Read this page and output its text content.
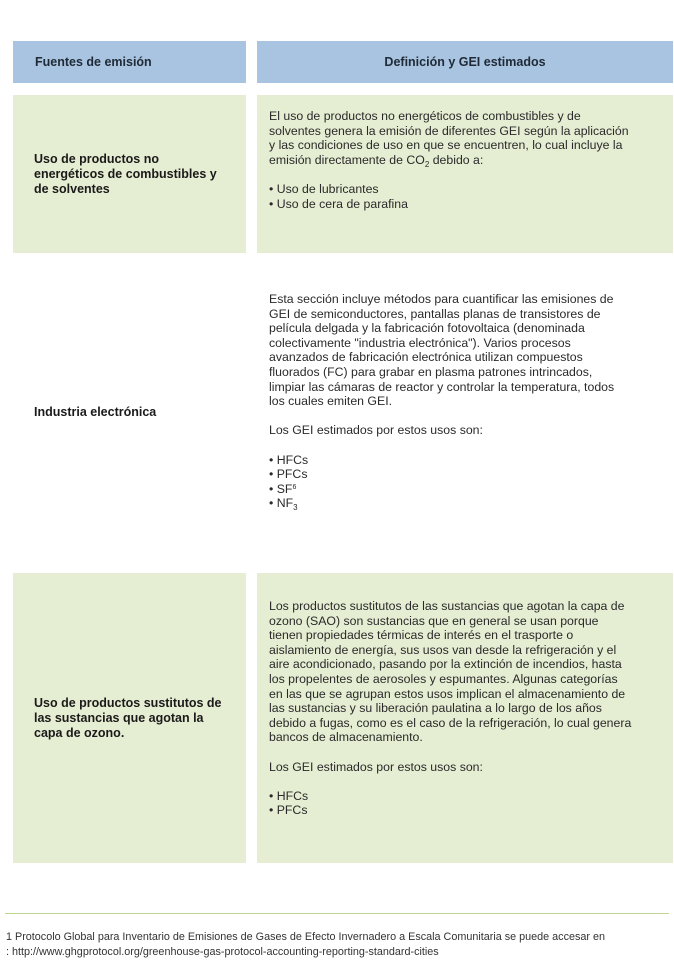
Fuentes de emisión	Definición y GEI estimados
Uso de productos no energéticos de combustibles y de solventes

El uso de productos no energéticos de combustibles y de

solventes genera la emisión de diferentes GEI según la aplicación

y las condiciones de uso en que se encuentren, lo cual incluye la

emisión directamente de $CO_2$ debido a:

• Uso de lubricantes

• Uso de cera de parafina

Industria electrónica

Esta sección incluye métodos para cuantificar las emisiones de

GEI de semiconductores, pantallas planas de transistores de

película delgada y la fabricación fotovoltaica (denominada

colectivamente "industria electrónica"). Varios procesos

avanzados de fabricación electrónica utilizan compuestos

fluorados (FC) para grabar en plasma patrones intrincados,

limpiar las cámaras de reactor y controlar la temperatura, todos

los cuales emiten GEI.

Los GEI estimados por estos usos son:

• HFCs

• PFCs

• $SF^6$

• $NF_3$

Uso de productos sustitutos de las sustancias que agotan la capa de ozono.

Los productos sustitutos de las sustancias que agotan la capa de

ozono (SAO) son sustancias que en general se usan porque

tienen propiedades térmicas de interés en el trasporte o

aislamiento de energía, sus usos van desde la refrigeración y el

aire acondicionado, pasando por la extinción de incendios, hasta

los propelentes de aerosoles y espumantes. Algunas categorías

en las que se agrupan estos usos implican el almacenamiento de

las sustancias y su liberación paulatina a lo largo de los años

debido a fugas, como es el caso de la refrigeración, lo cual genera

bancos de almacenamiento.

Los GEI estimados por estos usos son:

• HFCs

• PFCs

1 Protocolo Global para Inventario de Emisiones de Gases de Efecto Invernadero a Escala Comunitaria se puede accesar en
: http://www.ghgprotocol.org/greenhouse-gas-protocol-accounting-reporting-standard-cities
